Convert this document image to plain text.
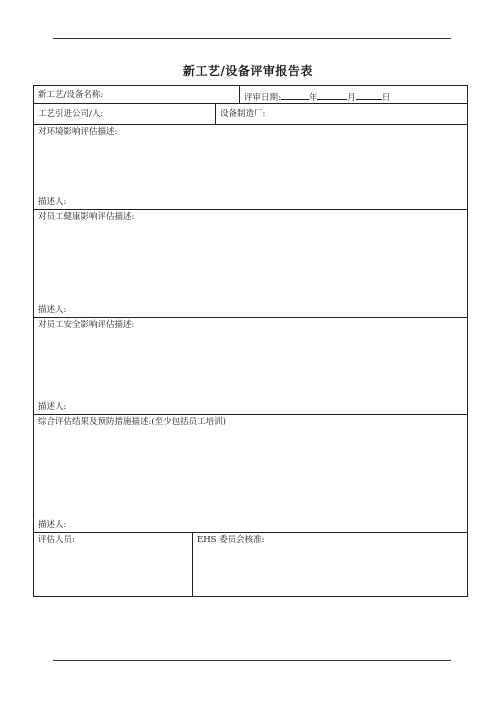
新工艺/设备评审报告表
新工艺/设备名称:	评审日期:	年	月	日
工艺引进公司/人:	设备制造厂:
对环境影响评估描述:
描述人:
对员工健康影响评估描述:
描述人:
对员工安全影响评估描述:
描述人:
综合评估结果及预防措施描述:(至少包括员工培训)
描述人:
评估人员:	EHS 委员会核准:
